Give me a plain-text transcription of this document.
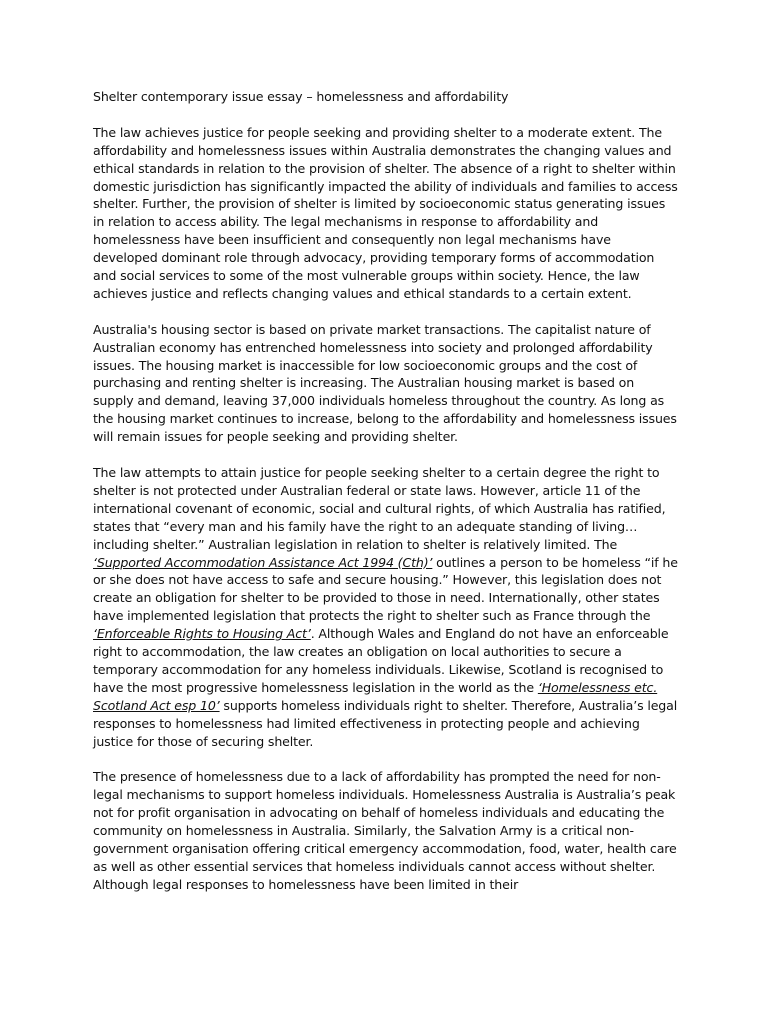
Shelter contemporary issue essay – homelessness and affordability

The law achieves justice for people seeking and providing shelter to a moderate extent. The affordability and homelessness issues within Australia demonstrates the changing values and ethical standards in relation to the provision of shelter. The absence of a right to shelter within domestic jurisdiction has significantly impacted the ability of individuals and families to access shelter. Further, the provision of shelter is limited by socioeconomic status generating issues in relation to access ability. The legal mechanisms in response to affordability and homelessness have been insufficient and consequently non legal mechanisms have developed dominant role through advocacy, providing temporary forms of accommodation and social services to some of the most vulnerable groups within society. Hence, the law achieves justice and reflects changing values and ethical standards to a certain extent.

Australia's housing sector is based on private market transactions. The capitalist nature of Australian economy has entrenched homelessness into society and prolonged affordability issues. The housing market is inaccessible for low socioeconomic groups and the cost of purchasing and renting shelter is increasing. The Australian housing market is based on supply and demand, leaving 37,000 individuals homeless throughout the country. As long as the housing market continues to increase, belong to the affordability and homelessness issues will remain issues for people seeking and providing shelter.

The law attempts to attain justice for people seeking shelter to a certain degree the right to shelter is not protected under Australian federal or state laws. However, article 11 of the international covenant of economic, social and cultural rights, of which Australia has ratified, states that “every man and his family have the right to an adequate standing of living… including shelter.” Australian legislation in relation to shelter is relatively limited. The ‘Supported Accommodation Assistance Act 1994 (Cth)’ outlines a person to be homeless “if he or she does not have access to safe and secure housing.” However, this legislation does not create an obligation for shelter to be provided to those in need. Internationally, other states have implemented legislation that protects the right to shelter such as France through the ‘Enforceable Rights to Housing Act’. Although Wales and England do not have an enforceable right to accommodation, the law creates an obligation on local authorities to secure a temporary accommodation for any homeless individuals. Likewise, Scotland is recognised to have the most progressive homelessness legislation in the world as the ‘Homelessness etc. Scotland Act esp 10’ supports homeless individuals right to shelter. Therefore, Australia’s legal responses to homelessness had limited effectiveness in protecting people and achieving justice for those of securing shelter.

The presence of homelessness due to a lack of affordability has prompted the need for non-legal mechanisms to support homeless individuals. Homelessness Australia is Australia’s peak not for profit organisation in advocating on behalf of homeless individuals and educating the community on homelessness in Australia. Similarly, the Salvation Army is a critical non-government organisation offering critical emergency accommodation, food, water, health care as well as other essential services that homeless individuals cannot access without shelter. Although legal responses to homelessness have been limited in their
